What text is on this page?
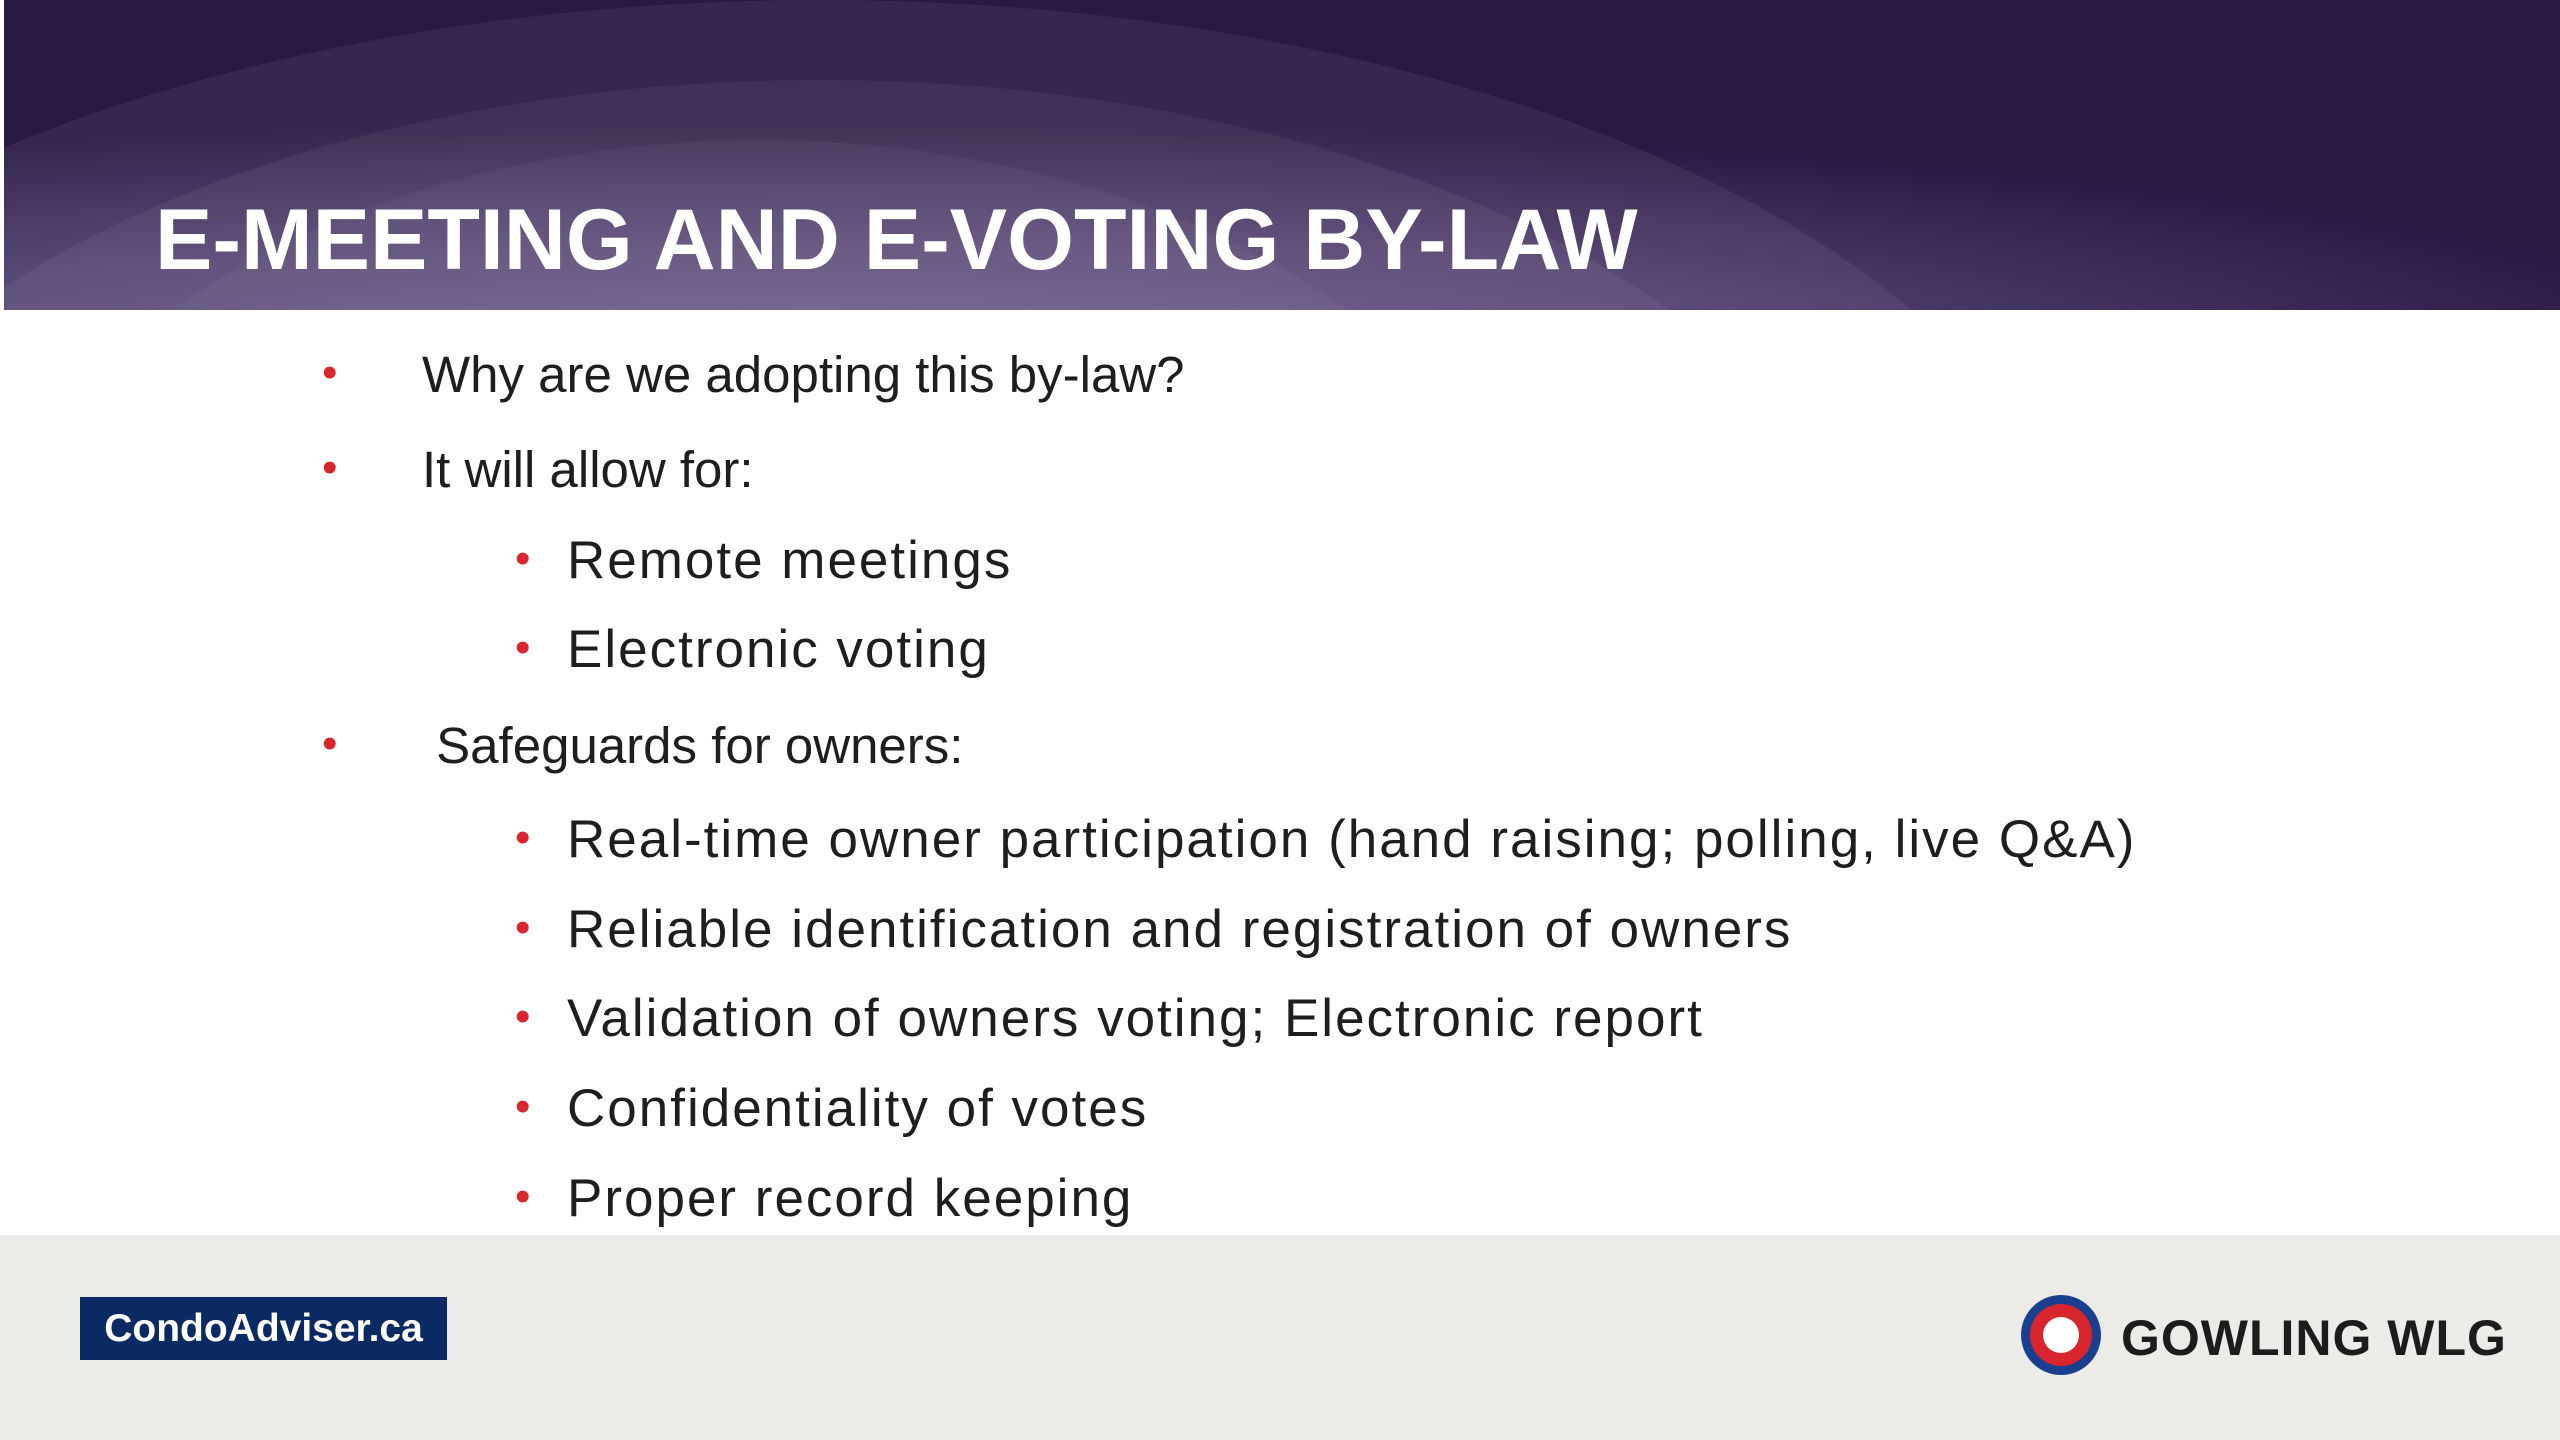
E-MEETING AND E-VOTING BY-LAW
• Why are we adopting this by-law?
• It will allow for:
• Remote meetings
• Electronic voting
• Safeguards for owners:
• Real-time owner participation (hand raising; polling, live Q&A)
• Reliable identification and registration of owners
• Validation of owners voting; Electronic report
• Confidentiality of votes
• Proper record keeping
CondoAdviser.ca	GOWLING WLG
